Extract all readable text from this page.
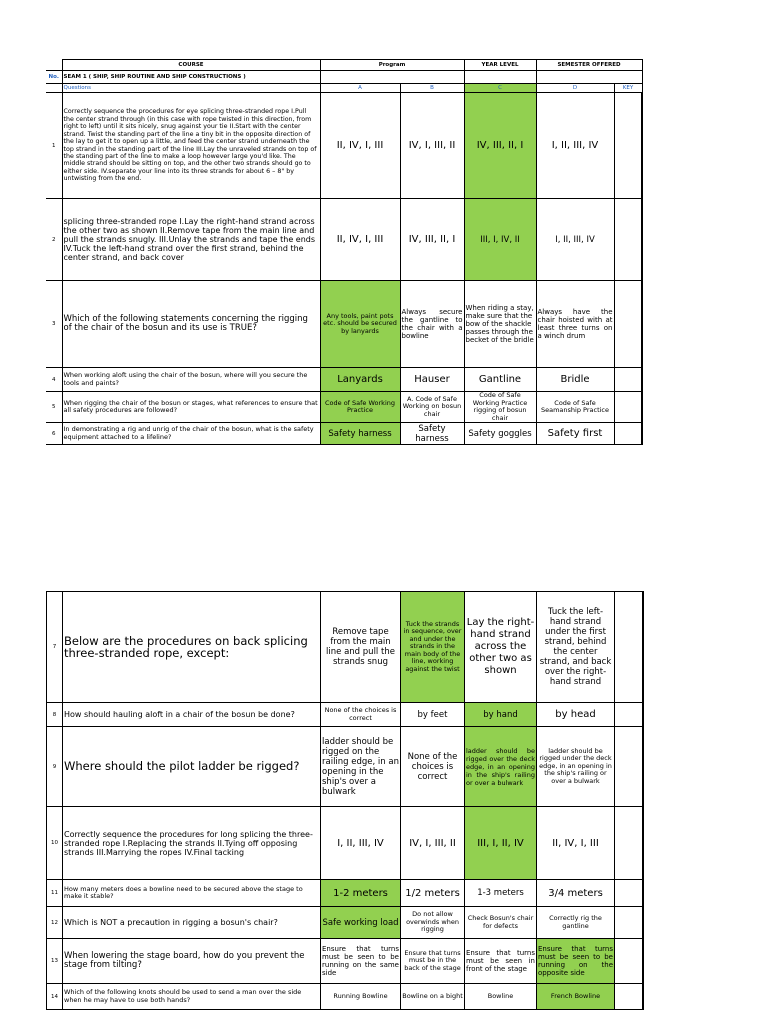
	COURSE	Program		YEAR LEVEL	SEMESTER OFFERED	
No.	SEAM 1 ( SHIP, SHIP ROUTINE AND SHIP CONSTRUCTIONS )					
	Questions	A	B	C	D	KEY
1	Correctly sequence the procedures for eye splicing three-stranded rope I.Pull the center strand through (in this case with rope twisted in this direction, from right to left) until it sits nicely, snug against your tie II.Start with the center strand. Twist the standing part of the line a tiny bit in the opposite direction of the lay to get it to open up a little, and feed the center strand underneath the top strand in the standing part of the line III.Lay the unraveled strands on top of the standing part of the line to make a loop however large you'd like. The middle strand should be sitting on top, and the other two strands should go to either side. IV.separate your line into its three strands for about 6 – 8" by untwisting from the end.	II, IV, I, III	IV, I, III, II	IV, III, II, I	I, II, III, IV	
2	splicing three-stranded rope I.Lay the right-hand strand across the other two as shown II.Remove tape from the main line and pull the strands snugly. III.Unlay the strands and tape the ends IV.Tuck the left-hand strand over the first strand, behind the center strand, and back cover	II, IV, I, III	IV, III, II, I	III, I, IV, II	I, II, III, IV	
3	Which of the following statements concerning the rigging of the chair of the bosun and its use is TRUE?	Any tools, paint pots etc. should be secured by lanyards	Always secure the gantline to the chair with a bowline	When riding a stay, make sure that the bow of the shackle passes through the becket of the bridle	Always have the chair hoisted with at least three turns on a winch drum	
4	When working aloft using the chair of the bosun, where will you secure the tools and paints?	Lanyards	Hauser	Gantline	Bridle	
5	When rigging the chair of the bosun or stages, what references to ensure that all safety procedures are followed?	Code of Safe Working Practice	A. Code of Safe Working on bosun chair	Code of Safe Working Practice rigging of bosun chair	Code of Safe Seamanship Practice	
6	In demonstrating a rig and unrig of the chair of the bosun, what is the safety equipment attached to a lifeline?	Safety harness	Safety harness	Safety goggles	Safety first	
7	Below are the procedures on back splicing three-stranded rope, except:	Remove tape from the main line and pull the strands snug	Tuck the strands in sequence, over and under the strands in the main body of the line, working against the twist	Lay the right-hand strand across the other two as shown	Tuck the left-hand strand under the first strand, behind the center strand, and back over the right-hand strand	
8	How should hauling aloft in a chair of the bosun be done?	None of the choices is correct	by feet	by hand	by head	
9	Where should the pilot ladder be rigged?	ladder should be rigged on the railing edge, in an opening in the ship's over a bulwark	None of the choices is correct	ladder should be rigged over the deck edge, in an opening in the ship's railing or over a bulwark	ladder should be rigged under the deck edge, in an opening in the ship's railing or over a bulwark	
10	Correctly sequence the procedures for long splicing the three-stranded rope I.Replacing the strands II.Tying off opposing strands III.Marrying the ropes IV.Final tacking	I, II, III, IV	IV, I, III, II	III, I, II, IV	II, IV, I, III	
11	How many meters does a bowline need to be secured above the stage to make it stable?	1-2 meters	1/2 meters	1-3 meters	3/4 meters	
12	Which is NOT a precaution in rigging a bosun's chair?	Safe working load	Do not allow overwinds when rigging	Check Bosun's chair for defects	Correctly rig the gantline	
13	When lowering the stage board, how do you prevent the stage from tilting?	Ensure that turns must be seen to be running on the same side	Ensure that turns must be in the back of the stage	Ensure that turns must be seen in front of the stage	Ensure that turns must be seen to be running on the opposite side	
14	Which of the following knots should be used to send a man over the side when he may have to use both hands?	Running Bowline	Bowline on a bight	Bowline	French Bowline	
